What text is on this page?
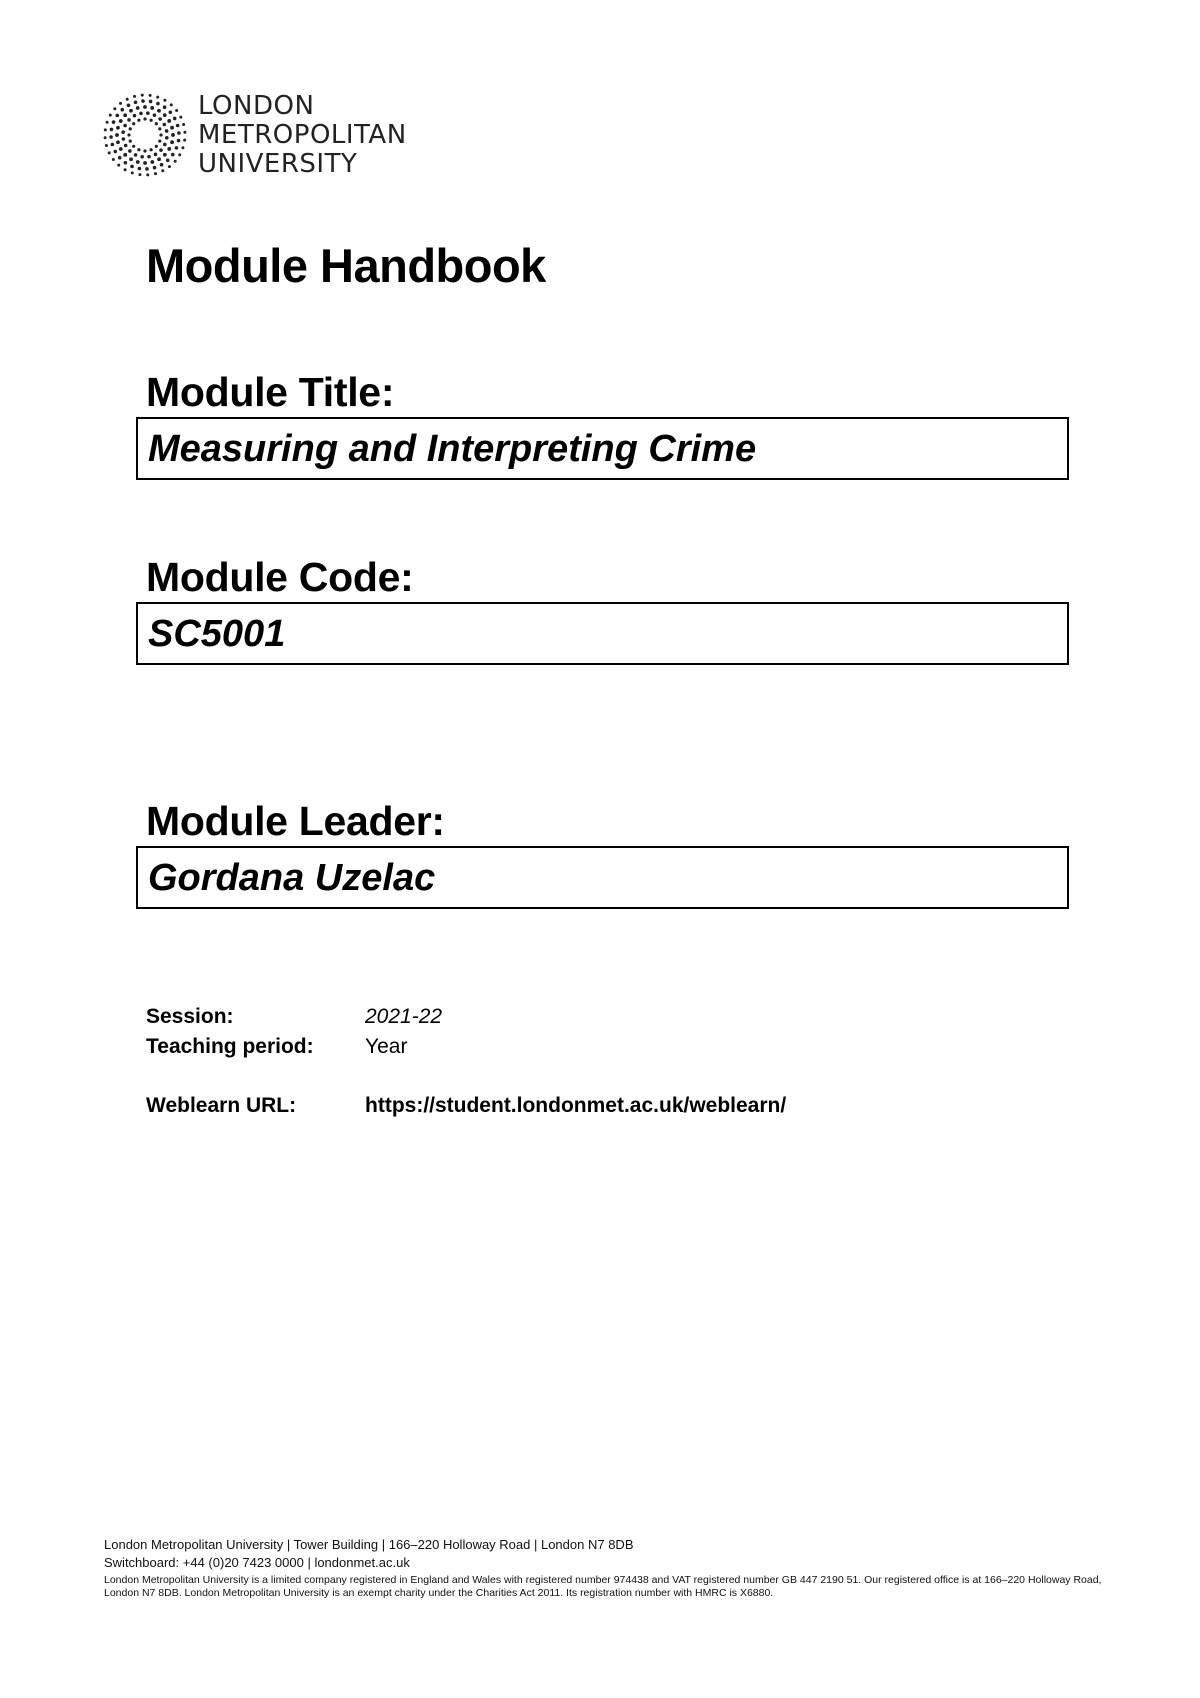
LONDON
METROPOLITAN
UNIVERSITY
Module Handbook
Module Title:
Measuring and Interpreting Crime
Module Code:
SC5001
Module Leader:
Gordana Uzelac
Session:	2021-22
Teaching period: Year
Weblearn URL:	https://student.londonmet.ac.uk/weblearn/
London Metropolitan University | Tower Building | 166–220 Holloway Road | London N7 8DB
Switchboard: +44 (0)20 7423 0000 | londonmet.ac.uk
London Metropolitan University is a limited company registered in England and Wales with registered number 974438 and VAT registered number GB 447 2190 51. Our registered office is at 166–220 Holloway Road, London N7 8DB. London Metropolitan University is an exempt charity under the Charities Act 2011. Its registration number with HMRC is X6880.
